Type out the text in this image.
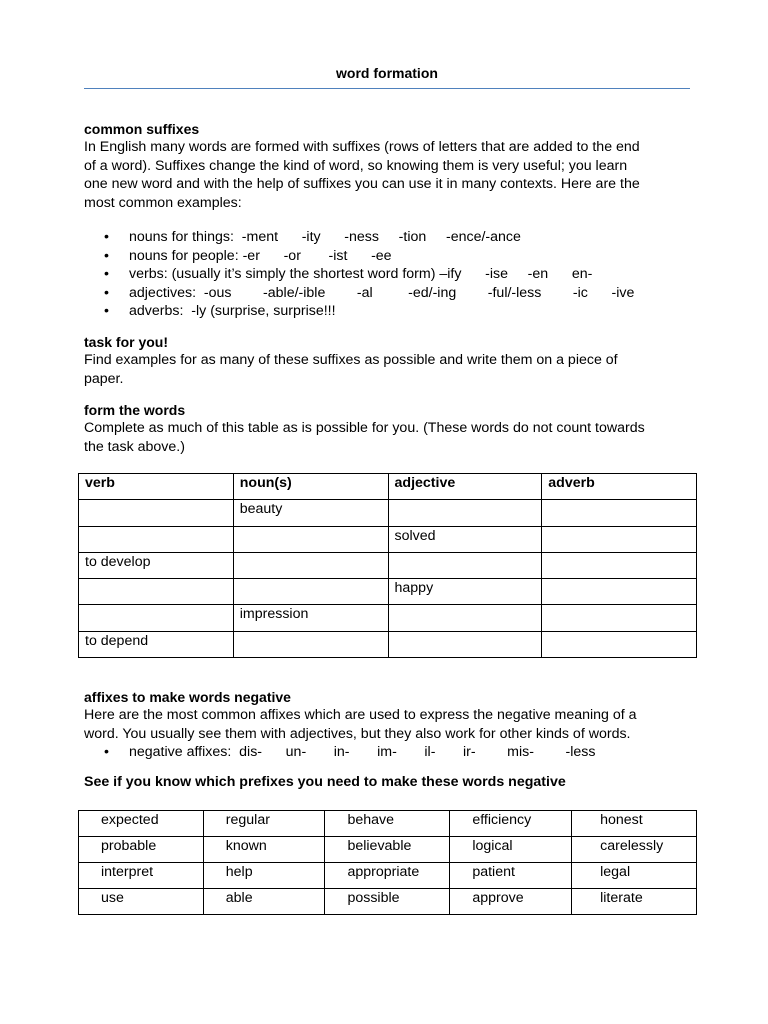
word formation
common suffixes

In English many words are formed with suffixes (rows of letters that are added to the end

of a word). Suffixes change the kind of word, so knowing them is very useful; you learn

one new word and with the help of suffixes you can use it in many contexts. Here are the

most common examples:

• nouns for things:  -ment      -ity      -ness     -tion     -ence/-ance
• nouns for people: -er      -or       -ist      -ee
• verbs: (usually it’s simply the shortest word form) –ify      -ise     -en      en-
• adjectives:  -ous        -able/-ible        -al         -ed/-ing        -ful/-less        -ic      -ive
• adverbs:  -ly (surprise, surprise!!!
task for you!

Find examples for as many of these suffixes as possible and write them on a piece of

paper.

form the words

Complete as much of this table as is possible for you. (These words do not count towards

the task above.)

verb	noun(s)	adjective	adverb
	beauty		
		solved	
to develop			
		happy	
	impression		
to depend			
affixes to make words negative

Here are the most common affixes which are used to express the negative meaning of a

word. You usually see them with adjectives, but they also work for other kinds of words.

• negative affixes:  dis-      un-       in-       im-       il-       ir-        mis-        -less
See if you know which prefixes you need to make these words negative
expected	regular	behave	efficiency	honest
probable	known	believable	logical	carelessly
interpret	help	appropriate	patient	legal
use	able	possible	approve	literate
